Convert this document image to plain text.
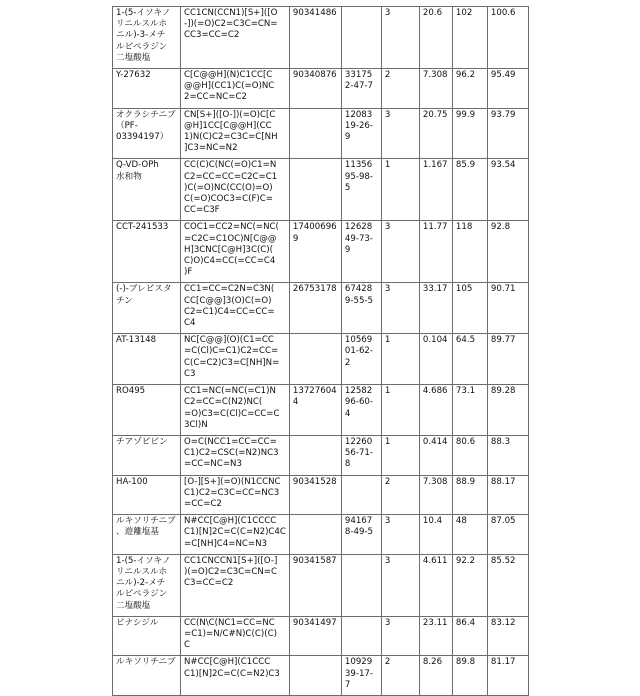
1-(5-イソキノ
リニルスルホ
ニル)-3-メチ
ルピペラジン
二塩酸塩	CC1CN(CCN1)[S+]([O
-])(=O)C2=C3C=CN=
CC3=CC=C2	90341486		3	20.6	102	100.6
Y-27632	C[C@@H](N)C1CC[C
@@H](CC1)C(=O)NC
2=CC=NC=C2	90340876	33175
2-47-7	2	7.308	96.2	95.49
オクラシチニブ
（PF-
03394197）	CN[S+]([O-])(=O)C[C
@H]1CC[C@@H](CC
1)N(C)C2=C3C=C[NH
]C3=NC=N2		12083
19-26-
9	3	20.75	99.9	93.79
Q-VD-OPh
水和物	CC(C)C(NC(=O)C1=N
C2=CC=CC=C2C=C1
)C(=O)NC(CC(O)=O)
C(=O)COC3=C(F)C=
CC=C3F		11356
95-98-
5	1	1.167	85.9	93.54
CCT-241533	COC1=CC2=NC(=NC(
=C2C=C1OC)N[C@@
H]3CNC[C@H]3C(C)(
C)O)C4=CC(=CC=C4
)F	17400696
9	12628
49-73-
9	3	11.77	118	92.8
(-)-ブレビスタ
チン	CC1=CC=C2N=C3N(
CC[C@@]3(O)C(=O)
C2=C1)C4=CC=CC=
C4	26753178	67428
9-55-5	3	33.17	105	90.71
AT-13148	NC[C@@](O)(C1=CC
=C(Cl)C=C1)C2=CC=
C(C=C2)C3=C[NH]N=
C3		10569
01-62-
2	1	0.104	64.5	89.77
RO495	CC1=NC(=NC(=C1)N
C2=CC=C(N2)NC(
=O)C3=C(Cl)C=CC=C
3Cl)N	13727604
4	12582
96-60-
4	1	4.686	73.1	89.28
チアゾビビン	O=C(NCC1=CC=CC=
C1)C2=CSC(=N2)NC3
=CC=NC=N3		12260
56-71-
8	1	0.414	80.6	88.3
HA-100	[O-][S+](=O)(N1CCNC
C1)C2=C3C=CC=NC3
=CC=C2	90341528		2	7.308	88.9	88.17
ルキソリチニブ
、遊離塩基	N#CC[C@H](C1CCCC
C1)[N]2C=C(C=N2)C4C
=C[NH]C4=NC=N3		94167
8-49-5	3	10.4	48	87.05
1-(5-イソキノ
リニルスルホ
ニル)-2-メチ
ルピペラジン
二塩酸塩	CC1CNCCN1[S+]([O-]
)(=O)C2=C3C=CN=C
C3=CC=C2	90341587		3	4.611	92.2	85.52
ピナシジル	CC(N\C(NC1=CC=NC
=C1)=N/C#N)C(C)(C)
C	90341497		3	23.11	86.4	83.12
ルキソリチニブ	N#CC[C@H](C1CCC
C1)[N]2C=C(C=N2)C3		10929
39-17-
7	2	8.26	89.8	81.17
